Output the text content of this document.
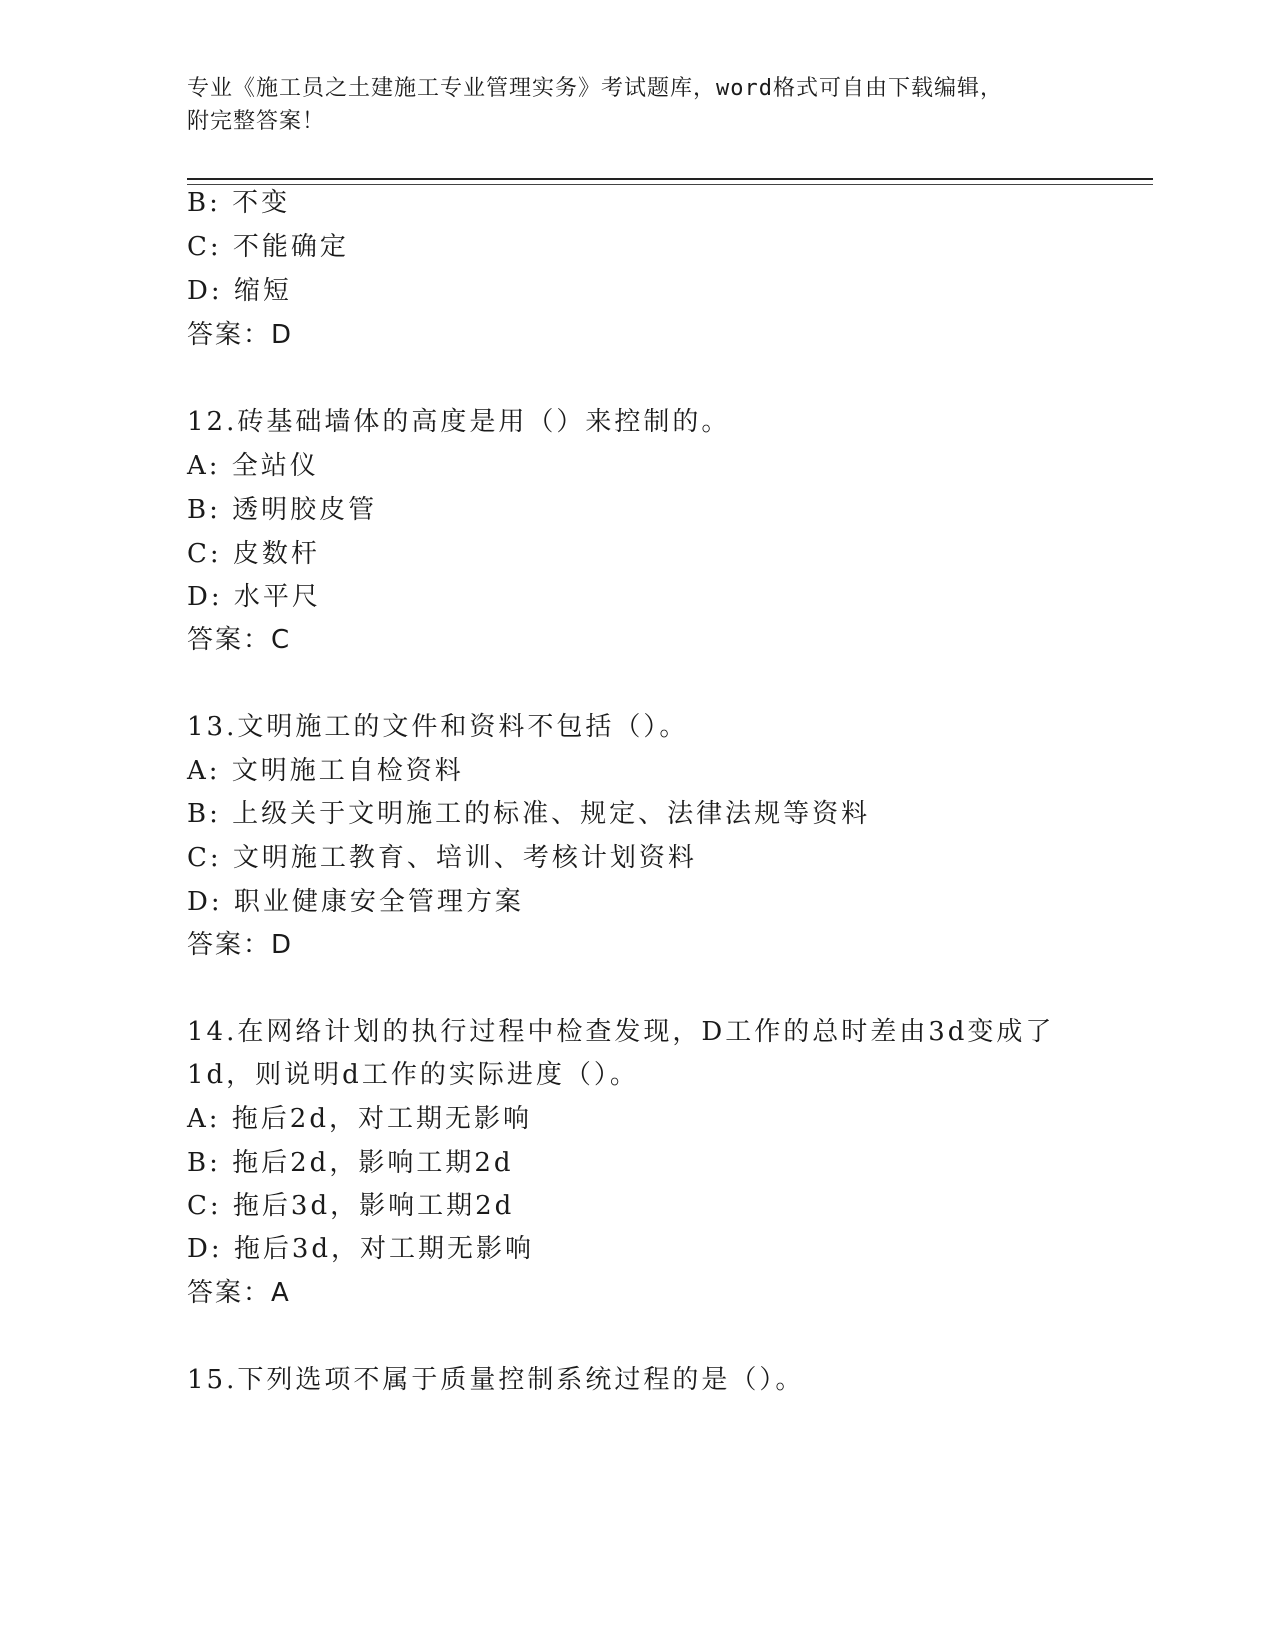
专业《施工员之土建施工专业管理实务》考试题库，word格式可自由下载编辑，
附完整答案！
B: 不变
C: 不能确定
D: 缩短
答案：D
12.砖基础墙体的高度是用（）来控制的。
A: 全站仪
B: 透明胶皮管
C: 皮数杆
D: 水平尺
答案：C
13.文明施工的文件和资料不包括（）。
A: 文明施工自检资料
B: 上级关于文明施工的标准、规定、法律法规等资料
C: 文明施工教育、培训、考核计划资料
D: 职业健康安全管理方案
答案：D
14.在网络计划的执行过程中检查发现，D工作的总时差由3d变成了
1d，则说明d工作的实际进度（）。
A: 拖后2d，对工期无影响
B: 拖后2d，影响工期2d
C: 拖后3d，影响工期2d
D: 拖后3d，对工期无影响
答案：A
15.下列选项不属于质量控制系统过程的是（）。
